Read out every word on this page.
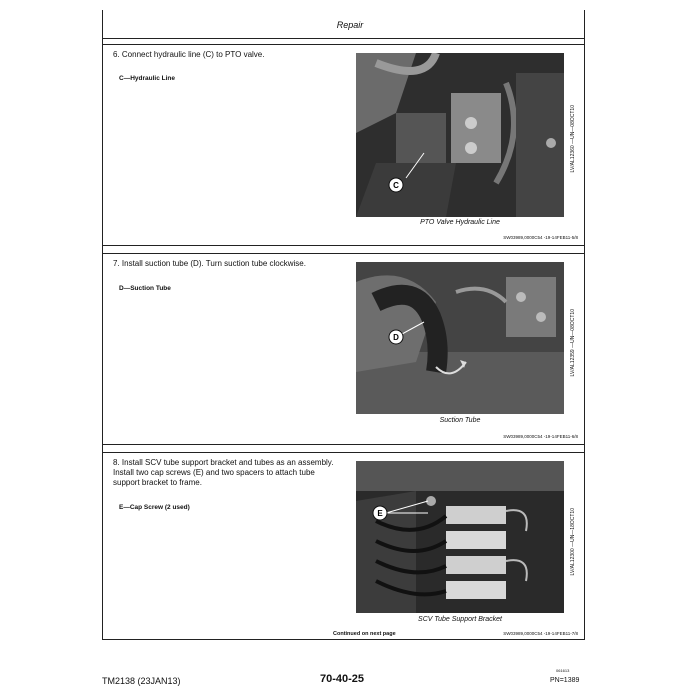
Repair
6. Connect hydraulic line (C) to PTO valve.
C—Hydraulic Line
C
PTO Valve Hydraulic Line
LV/AL12360 —UN—08OCT10
SW03989,0000C54 -19-14FEB11-5/8
7. Install suction tube (D). Turn suction tube clockwise.
D—Suction Tube
D
Suction Tube
LV/AL12359 —UN—08OCT10
SW03989,0000C54 -19-14FEB11-6/8
8. Install SCV tube support bracket and tubes as an assembly. Install two cap screws (E) and two spacers to attach tube support bracket to frame.
E—Cap Screw (2 used)
E
SCV Tube Support Bracket
LV/AL12300 —UN—18OCT10
Continued on next page	SW03989,0000C54 -19-14FEB11-7/8
TM2138 (23JAN13)	70-40-25
061613
PN=1389
